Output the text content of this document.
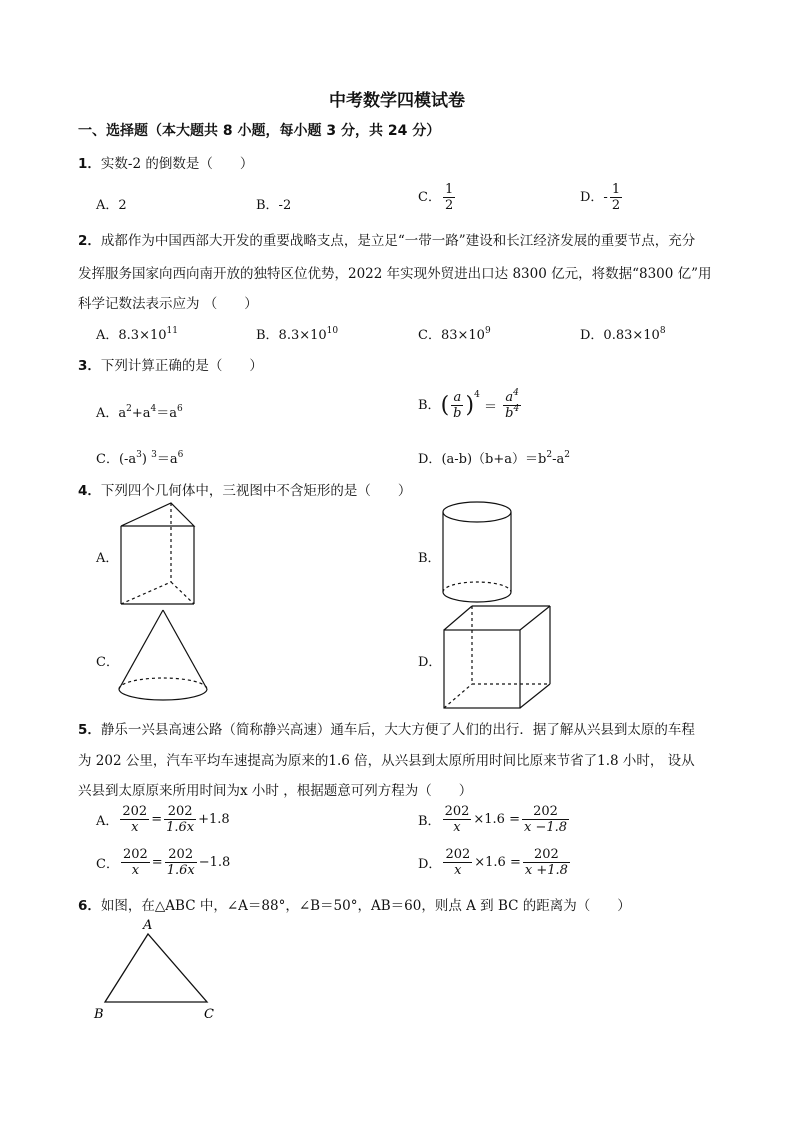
中考数学四模试卷
一、选择题（本大题共 8 小题，每小题 3 分，共 24 分）
1．实数-2 的倒数是（　　）
A．2	B．-2
C． $\frac{1}{2}$	D．- $\frac{1}{2}$
2．成都作为中国西部大开发的重要战略支点，是立足“一带一路”建设和长江经济发展的重要节点，充分
发挥服务国家向西向南开放的独特区位优势，2022 年实现外贸进出口达 8300 亿元，将数据“8300 亿”用
科学记数法表示应为 （　　）
A．$8.3\times 10^{11}$	B．$8.3\times 10^{10}$	C．$83\times 10^9$	D．$0.83\times 10^8$
3．下列计算正确的是（　　）
A．$a^2+a^4=a^6$	B．( $\frac{a}{b} )^4 = \frac{a^4}{b^4}$
C．$(-a^3)$ $^3=a^6$	D．$(a-b)(b+a)=b^2-a^2$
4．下列四个几何体中，三视图中不含矩形的是（　　）
A．	B．
C．	D．
5．静乐一兴县高速公路（简称静兴高速）通车后，大大方便了人们的出行．据了解从兴县到太原的车程
为 202 公里，汽车平均车速提高为原来的1.6 倍，从兴县到太原所用时间比原来节省了1.8 小时， 设从
兴县到太原原来所用时间为x 小时 ，根据题意可列方程为（　　）
A． $\frac{202}{x} = \frac{202}{1.6x} +1.8$	B． $\frac{202}{x} \times 1.6 = \frac{202}{x -1.8}$
C． $\frac{202}{x} = \frac{202}{1.6x} -1.8$	D． $\frac{202}{x} \times 1.6 = \frac{202}{x +1.8}$
6．如图，在△ABC 中，∠A＝88°，∠B＝50°，AB＝60，则点 A 到 BC 的距离为（　　）
A
B	C
